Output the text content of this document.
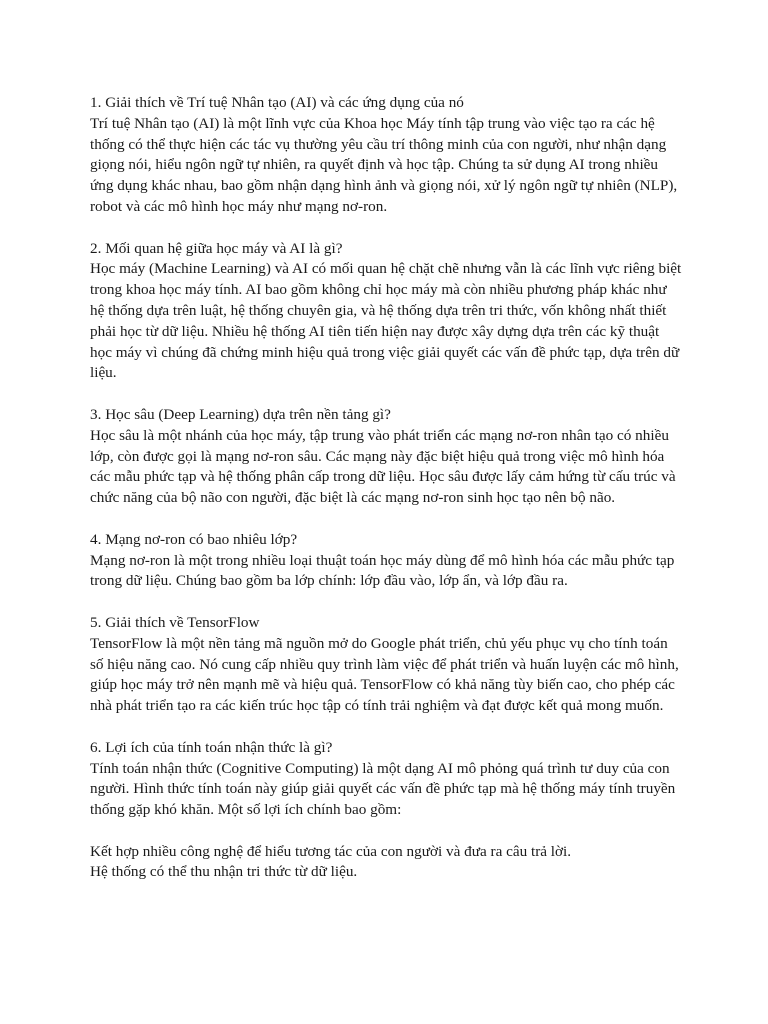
1. Giải thích về Trí tuệ Nhân tạo (AI) và các ứng dụng của nó
Trí tuệ Nhân tạo (AI) là một lĩnh vực của Khoa học Máy tính tập trung vào việc tạo ra các hệ thống có thể thực hiện các tác vụ thường yêu cầu trí thông minh của con người, như nhận dạng giọng nói, hiểu ngôn ngữ tự nhiên, ra quyết định và học tập. Chúng ta sử dụng AI trong nhiều ứng dụng khác nhau, bao gồm nhận dạng hình ảnh và giọng nói, xử lý ngôn ngữ tự nhiên (NLP), robot và các mô hình học máy như mạng nơ-ron.

2. Mối quan hệ giữa học máy và AI là gì?
Học máy (Machine Learning) và AI có mối quan hệ chặt chẽ nhưng vẫn là các lĩnh vực riêng biệt trong khoa học máy tính. AI bao gồm không chỉ học máy mà còn nhiều phương pháp khác như hệ thống dựa trên luật, hệ thống chuyên gia, và hệ thống dựa trên tri thức, vốn không nhất thiết phải học từ dữ liệu. Nhiều hệ thống AI tiên tiến hiện nay được xây dựng dựa trên các kỹ thuật học máy vì chúng đã chứng minh hiệu quả trong việc giải quyết các vấn đề phức tạp, dựa trên dữ liệu.

3. Học sâu (Deep Learning) dựa trên nền tảng gì?
Học sâu là một nhánh của học máy, tập trung vào phát triển các mạng nơ-ron nhân tạo có nhiều lớp, còn được gọi là mạng nơ-ron sâu. Các mạng này đặc biệt hiệu quả trong việc mô hình hóa các mẫu phức tạp và hệ thống phân cấp trong dữ liệu. Học sâu được lấy cảm hứng từ cấu trúc và chức năng của bộ não con người, đặc biệt là các mạng nơ-ron sinh học tạo nên bộ não.

4. Mạng nơ-ron có bao nhiêu lớp?
Mạng nơ-ron là một trong nhiều loại thuật toán học máy dùng để mô hình hóa các mẫu phức tạp trong dữ liệu. Chúng bao gồm ba lớp chính: lớp đầu vào, lớp ẩn, và lớp đầu ra.

5. Giải thích về TensorFlow
TensorFlow là một nền tảng mã nguồn mở do Google phát triển, chủ yếu phục vụ cho tính toán số hiệu năng cao. Nó cung cấp nhiều quy trình làm việc để phát triển và huấn luyện các mô hình, giúp học máy trở nên mạnh mẽ và hiệu quả. TensorFlow có khả năng tùy biến cao, cho phép các nhà phát triển tạo ra các kiến trúc học tập có tính trải nghiệm và đạt được kết quả mong muốn.

6. Lợi ích của tính toán nhận thức là gì?
Tính toán nhận thức (Cognitive Computing) là một dạng AI mô phỏng quá trình tư duy của con người. Hình thức tính toán này giúp giải quyết các vấn đề phức tạp mà hệ thống máy tính truyền thống gặp khó khăn. Một số lợi ích chính bao gồm:

Kết hợp nhiều công nghệ để hiểu tương tác của con người và đưa ra câu trả lời.
Hệ thống có thể thu nhận tri thức từ dữ liệu.
